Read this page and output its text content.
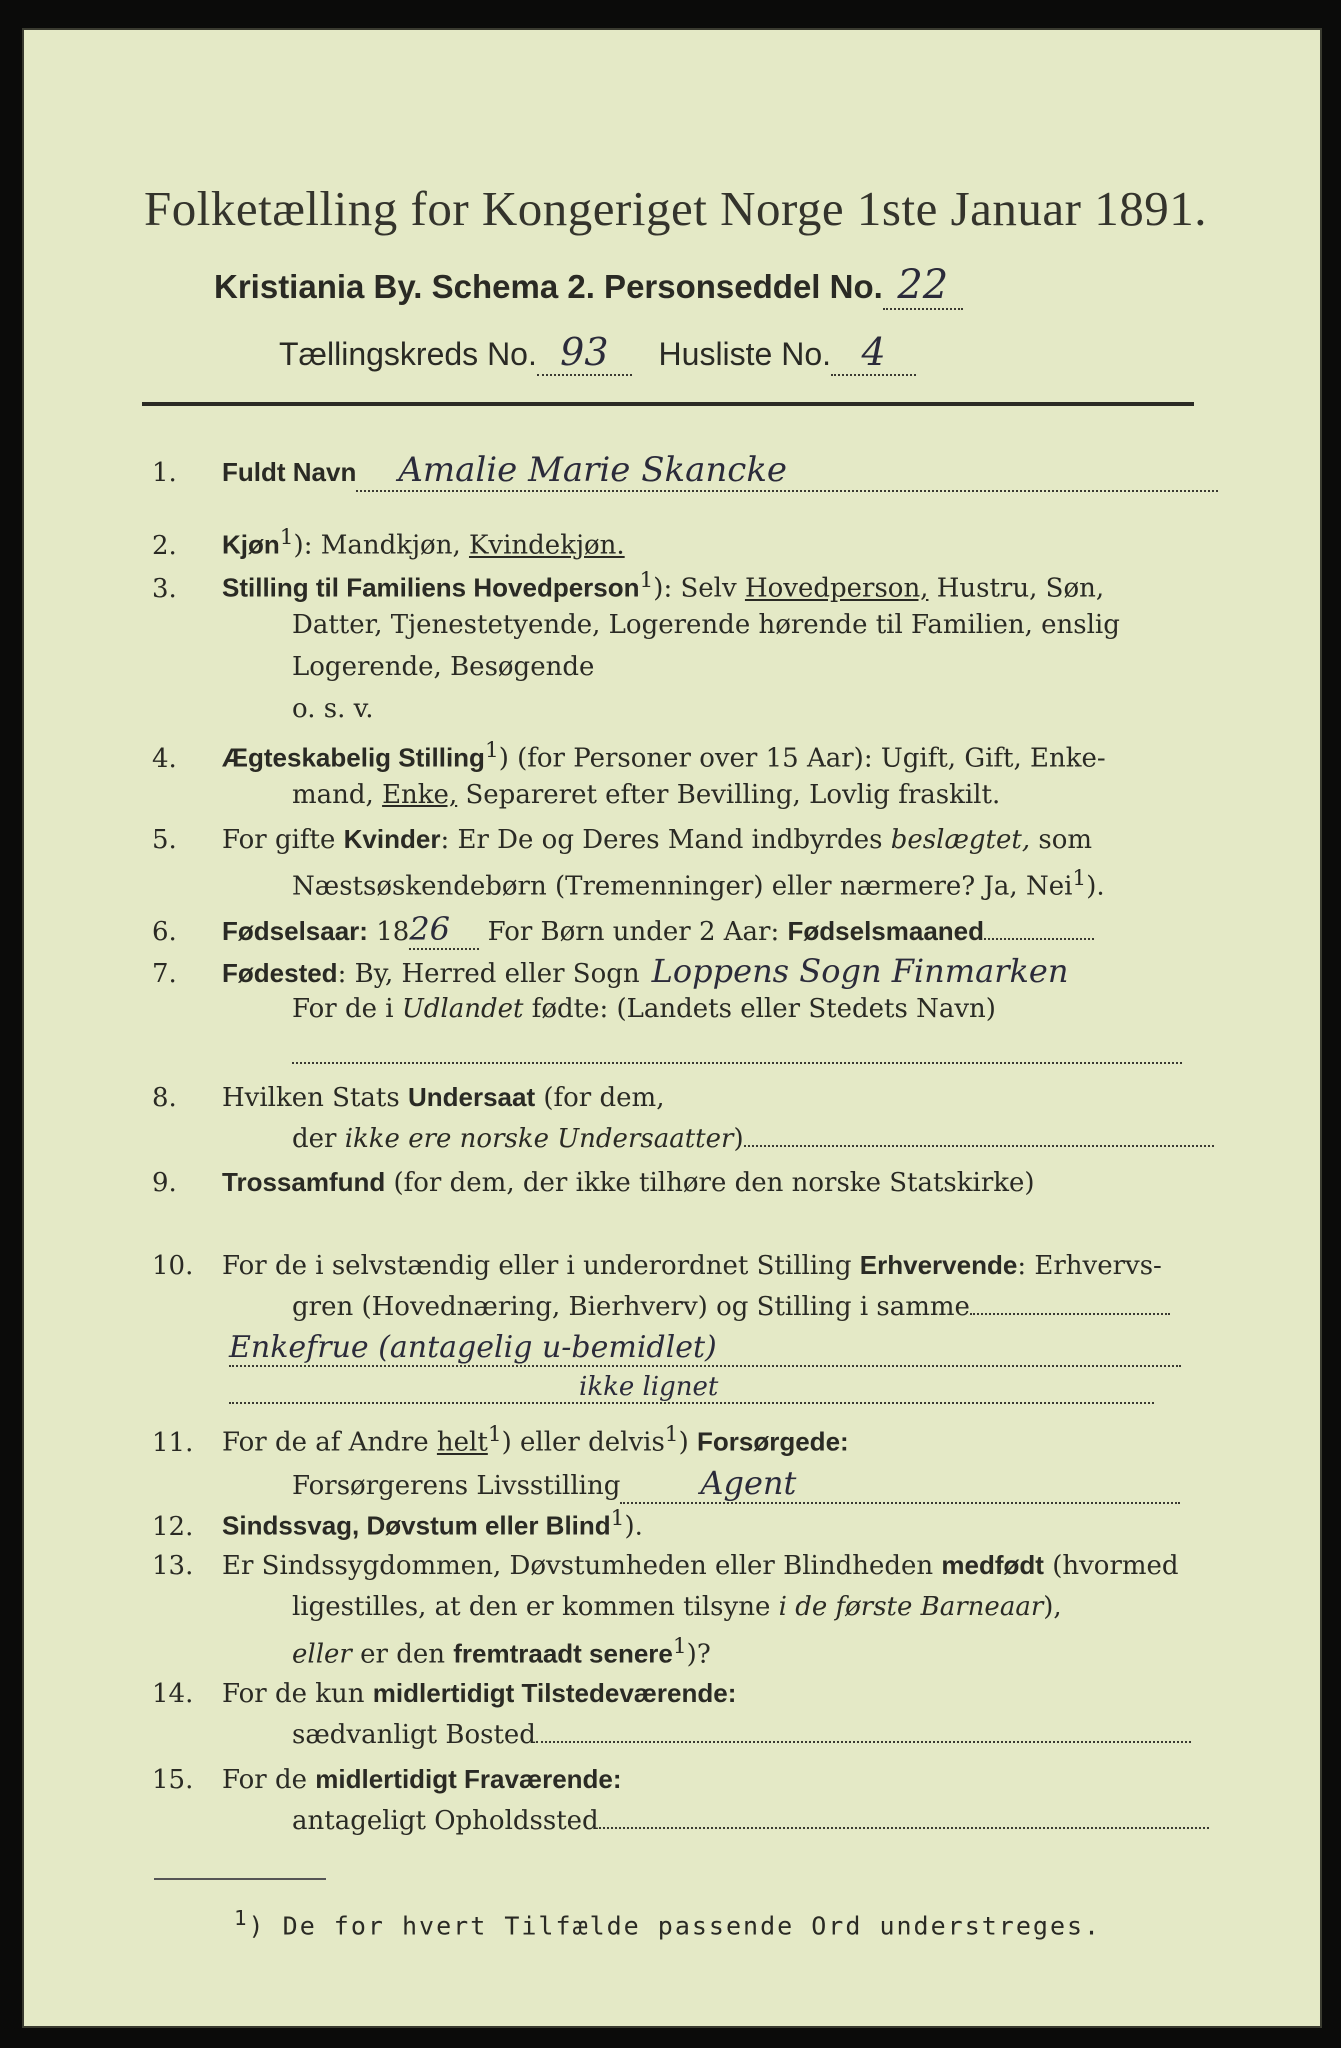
Folketælling for Kongeriget Norge 1ste Januar 1891.
Kristiania By. Schema 2. Personseddel No. 22
Tællingskreds No. 93 Husliste No. 4
1. Fuldt Navn Amalie Marie Skancke
2. Kjøn$^1$): Mandkjøn, Kvindekjøn.
3. Stilling til Familiens Hovedperson$^1$): Selv Hovedperson, Hustru, Søn,
Datter, Tjenestetyende, Logerende hørende til Familien, enslig
Logerende, Besøgende
o. s. v.
4. Ægteskabelig Stilling$^1$) (for Personer over 15 Aar): Ugift, Gift, Enke-
mand, Enke, Separeret efter Bevilling, Lovlig fraskilt.
5. For gifte Kvinder: Er De og Deres Mand indbyrdes beslægtet, som
Næstsøskendebørn (Tremenninger) eller nærmere? Ja, Nei$^1$).
6. Fødselsaar: 1826 For Børn under 2 Aar: Fødselsmaaned
7. Fødested: By, Herred eller Sogn Loppens Sogn Finmarken
For de i Udlandet fødte: (Landets eller Stedets Navn)
8. Hvilken Stats Undersaat (for dem,
der ikke ere norske Undersaatter)
9. Trossamfund (for dem, der ikke tilhøre den norske Statskirke)
10. For de i selvstændig eller i underordnet Stilling Erhvervende: Erhvervs-
gren (Hovednæring, Bierhverv) og Stilling i samme
Enkefrue (antagelig u-bemidlet)
ikke lignet
11. For de af Andre helt$^1$) eller delvis$^1$) Forsørgede:
Forsørgerens Livsstilling	Agent
12. Sindssvag, Døvstum eller Blind$^1$).
13. Er Sindssygdommen, Døvstumheden eller Blindheden medfødt (hvormed
ligestilles, at den er kommen tilsyne i de første Barneaar),
eller er den fremtraadt senere$^1$)?
14. For de kun midlertidigt Tilstedeværende:
sædvanligt Bosted
15. For de midlertidigt Fraværende:
antageligt Opholdssted
$^1$) De for hvert Tilfælde passende Ord understreges.
